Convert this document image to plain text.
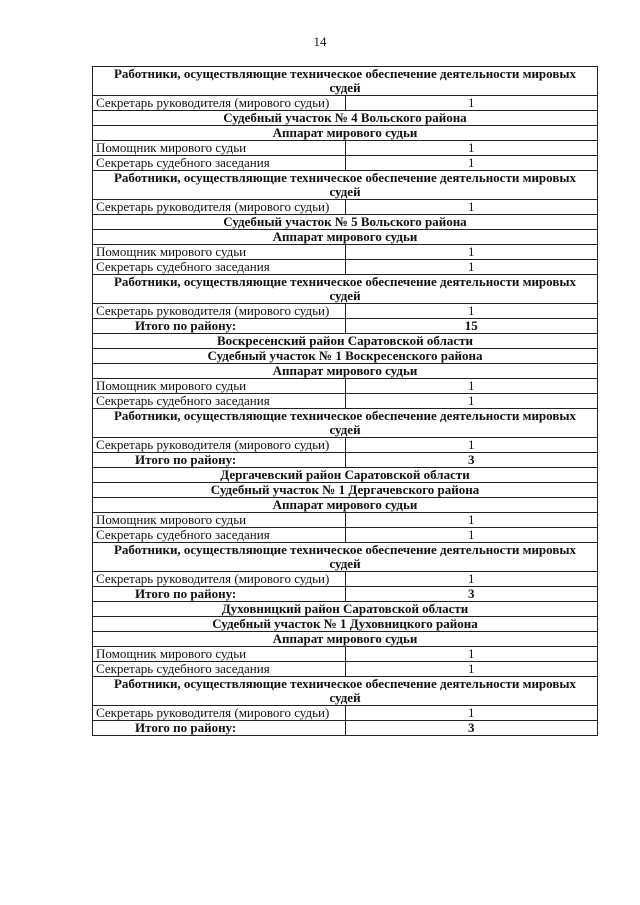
14
Работники, осуществляющие техническое обеспечение деятельности мировых судей	
Секретарь руководителя (мирового судьи)	1
Судебный участок № 4 Вольского района	
Аппарат мирового судьи	
Помощник мирового судьи	1
Секретарь судебного заседания	1
Работники, осуществляющие техническое обеспечение деятельности мировых судей	
Секретарь руководителя (мирового судьи)	1
Судебный участок № 5 Вольского района	
Аппарат мирового судьи	
Помощник мирового судьи	1
Секретарь судебного заседания	1
Работники, осуществляющие техническое обеспечение деятельности мировых судей	
Секретарь руководителя (мирового судьи)	1
Итого по району:	15
Воскресенский район Саратовской области	
Судебный участок № 1 Воскресенского района	
Аппарат мирового судьи	
Помощник мирового судьи	1
Секретарь судебного заседания	1
Работники, осуществляющие техническое обеспечение деятельности мировых судей	
Секретарь руководителя (мирового судьи)	1
Итого по району:	3
Дергачевский район Саратовской области	
Судебный участок № 1 Дергачевского района	
Аппарат мирового судьи	
Помощник мирового судьи	1
Секретарь судебного заседания	1
Работники, осуществляющие техническое обеспечение деятельности мировых судей	
Секретарь руководителя (мирового судьи)	1
Итого по району:	3
Духовницкий район Саратовской области	
Судебный участок № 1 Духовницкого района	
Аппарат мирового судьи	
Помощник мирового судьи	1
Секретарь судебного заседания	1
Работники, осуществляющие техническое обеспечение деятельности мировых судей	
Секретарь руководителя (мирового судьи)	1
Итого по району:	3
